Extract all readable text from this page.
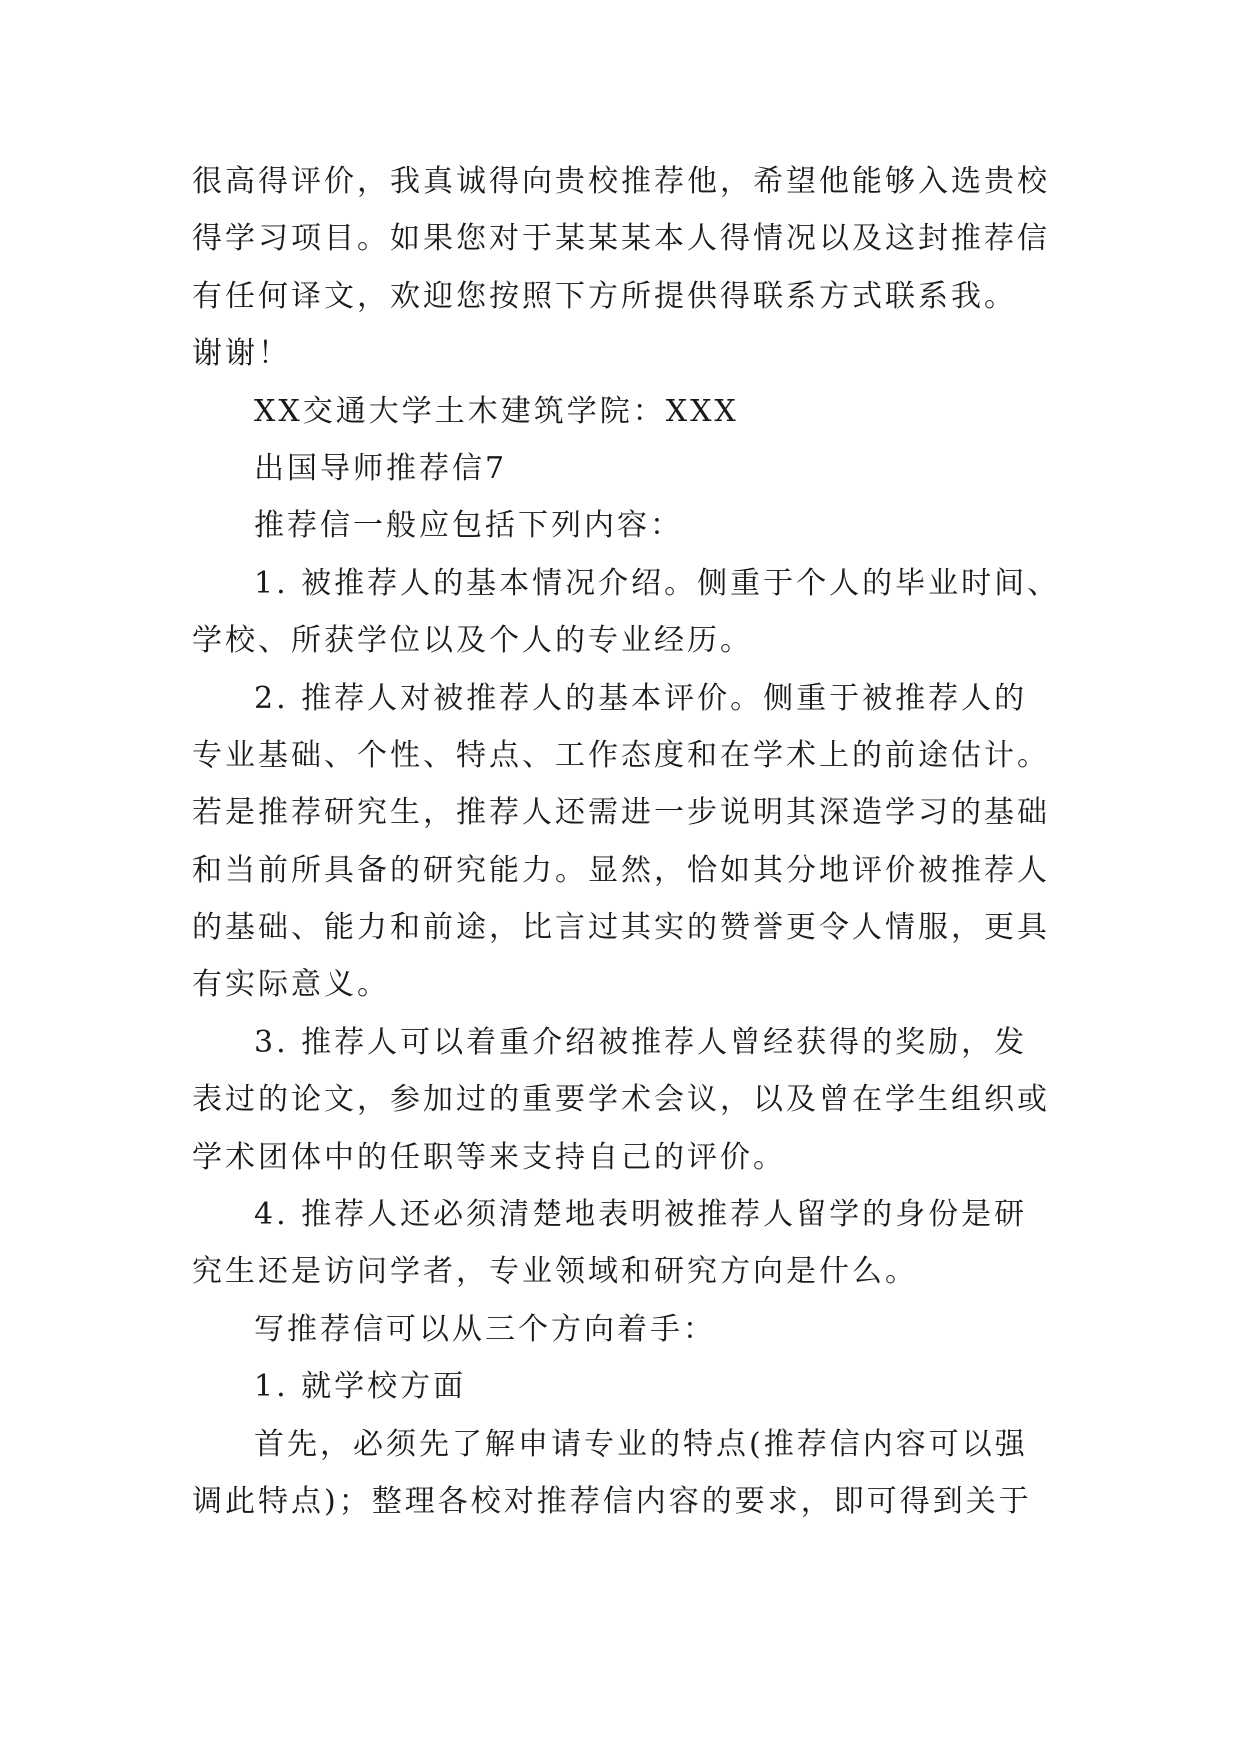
很高得评价，我真诚得向贵校推荐他，希望他能够入选贵校
得学习项目。如果您对于某某某本人得情况以及这封推荐信
有任何译文，欢迎您按照下方所提供得联系方式联系我。
谢谢！
XX交通大学土木建筑学院：XXX
出国导师推荐信7
推荐信一般应包括下列内容：
1. 被推荐人的基本情况介绍。侧重于个人的毕业时间、
学校、所获学位以及个人的专业经历。
2. 推荐人对被推荐人的基本评价。侧重于被推荐人的
专业基础、个性、特点、工作态度和在学术上的前途估计。
若是推荐研究生，推荐人还需进一步说明其深造学习的基础
和当前所具备的研究能力。显然，恰如其分地评价被推荐人
的基础、能力和前途，比言过其实的赞誉更令人情服，更具
有实际意义。
3. 推荐人可以着重介绍被推荐人曾经获得的奖励，发
表过的论文，参加过的重要学术会议，以及曾在学生组织或
学术团体中的任职等来支持自己的评价。
4. 推荐人还必须清楚地表明被推荐人留学的身份是研
究生还是访问学者，专业领域和研究方向是什么。
写推荐信可以从三个方向着手：
1. 就学校方面
首先，必须先了解申请专业的特点(推荐信内容可以强
调此特点)；整理各校对推荐信内容的要求，即可得到关于
